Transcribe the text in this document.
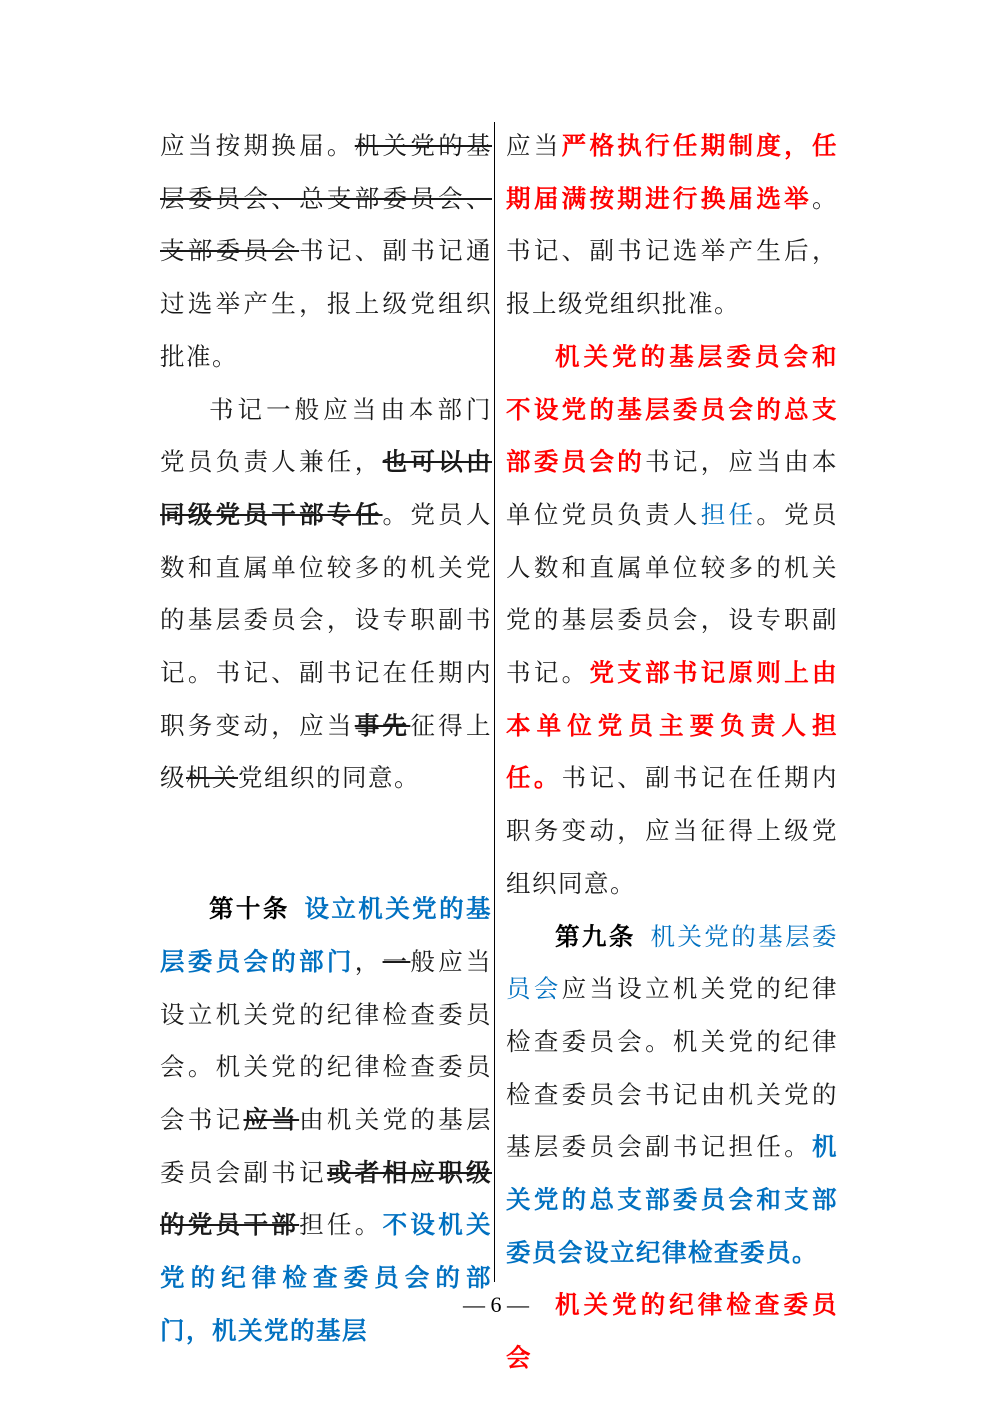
应当按期换届。机关党的基层委员会、总支部委员会、支部委员会书记、副书记通过选举产生，报上级党组织批准。

书记一般应当由本部门党员负责人兼任，也可以由同级党员干部专任。党员人数和直属单位较多的机关党的基层委员会，设专职副书记。书记、副书记在任期内职务变动，应当事先征得上级机关党组织的同意。

第十条  设立机关党的基层委员会的部门，一般应当设立机关党的纪律检查委员会。机关党的纪律检查委员会书记应当由机关党的基层委员会副书记或者相应职级的党员干部担任。不设机关党的纪律检查委员会的部门，机关党的基层

应当严格执行任期制度，任期届满按期进行换届选举。书记、副书记选举产生后，报上级党组织批准。

机关党的基层委员会和不设党的基层委员会的总支部委员会的书记，应当由本单位党员负责人担任。党员人数和直属单位较多的机关党的基层委员会，设专职副书记。党支部书记原则上由本单位党员主要负责人担任。书记、副书记在任期内职务变动，应当征得上级党组织同意。

第九条  机关党的基层委员会应当设立机关党的纪律检查委员会。机关党的纪律检查委员会书记由机关党的基层委员会副书记担任。机关党的总支部委员会和支部委员会设立纪律检查委员。

机关党的纪律检查委员会

— 6 —
